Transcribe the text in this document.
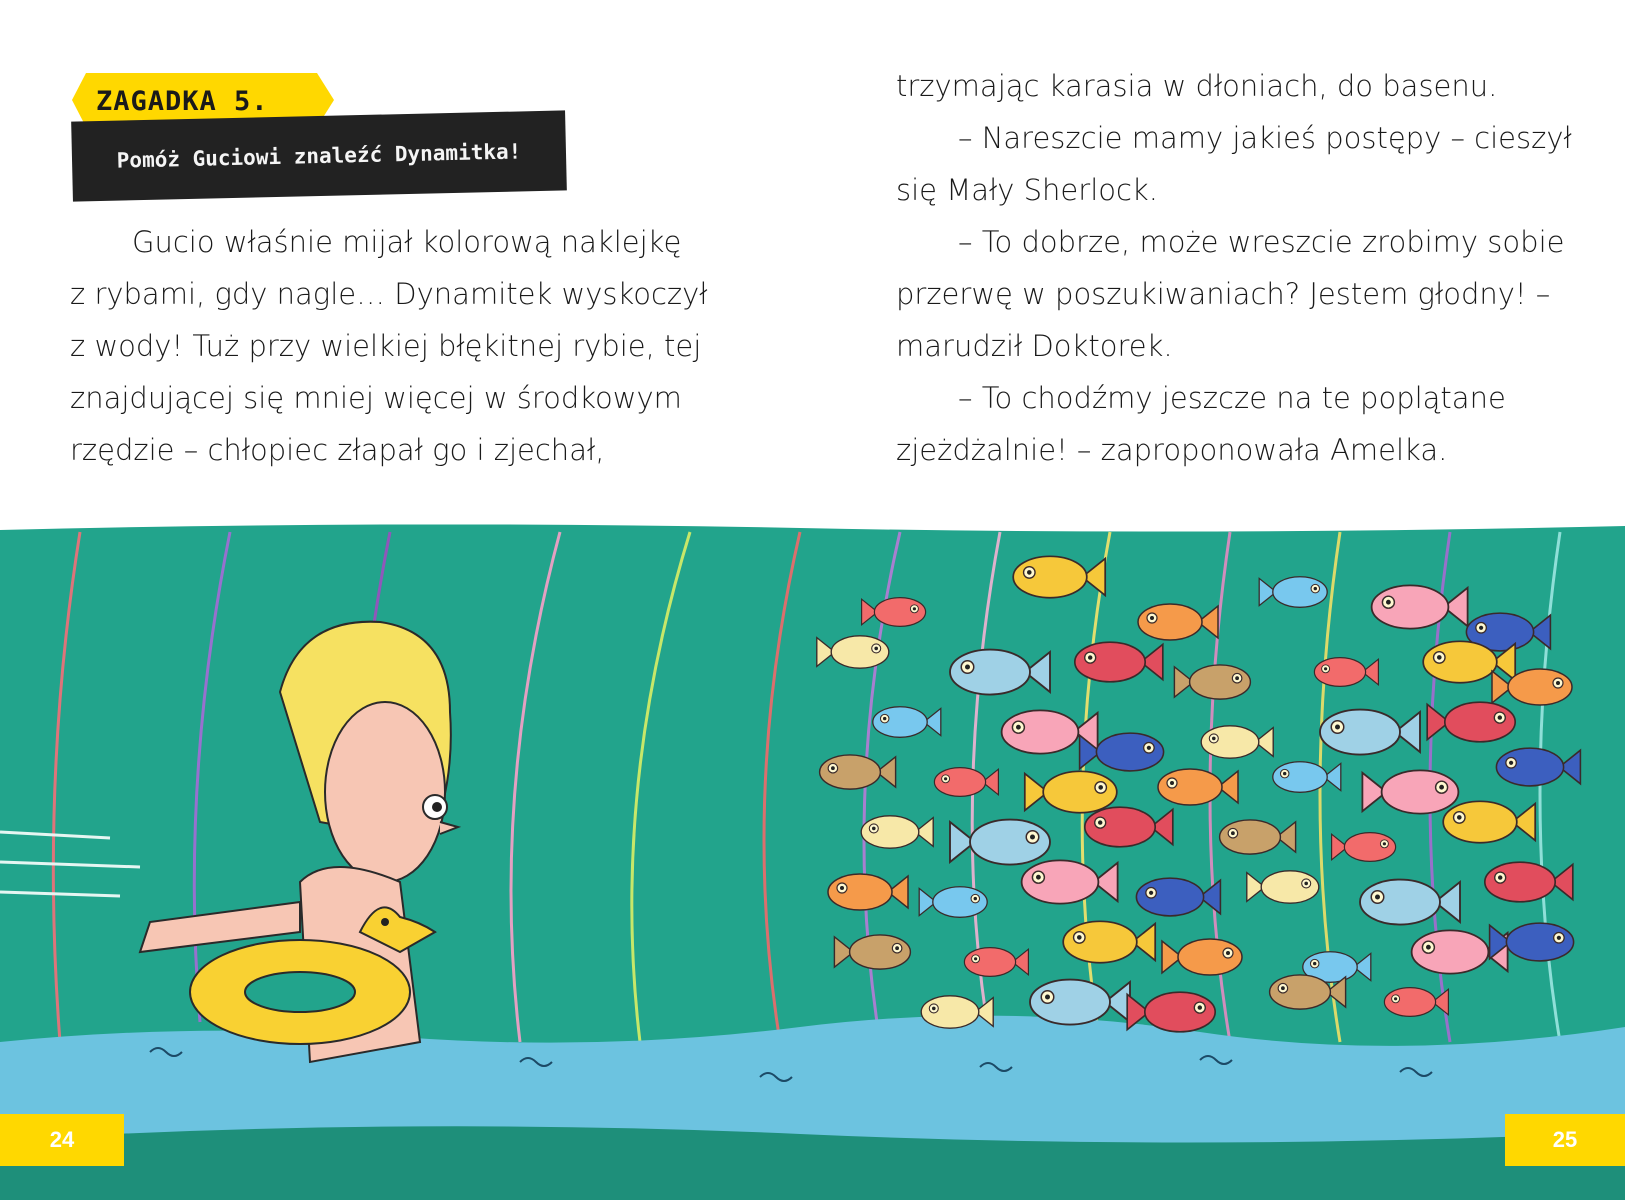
ZAGADKA 5.
Pomóż Guciowi znaleźć Dynamitka!

Gucio właśnie mijał kolorową naklejkę

z rybami, gdy nagle… Dynamitek wyskoczył

z wody! Tuż przy wielkiej błękitnej rybie, tej

znajdującej się mniej więcej w środkowym

rzędzie – chłopiec złapał go i zjechał,

trzymając karasia w dłoniach, do basenu.

– Nareszcie mamy jakieś postępy – cieszył

się Mały Sherlock.

– To dobrze, może wreszcie zrobimy sobie

przerwę w poszukiwaniach? Jestem głodny! –

marudził Doktorek.

– To chodźmy jeszcze na te poplątane

zjeżdżalnie! – zaproponowała Amelka.

24	25
